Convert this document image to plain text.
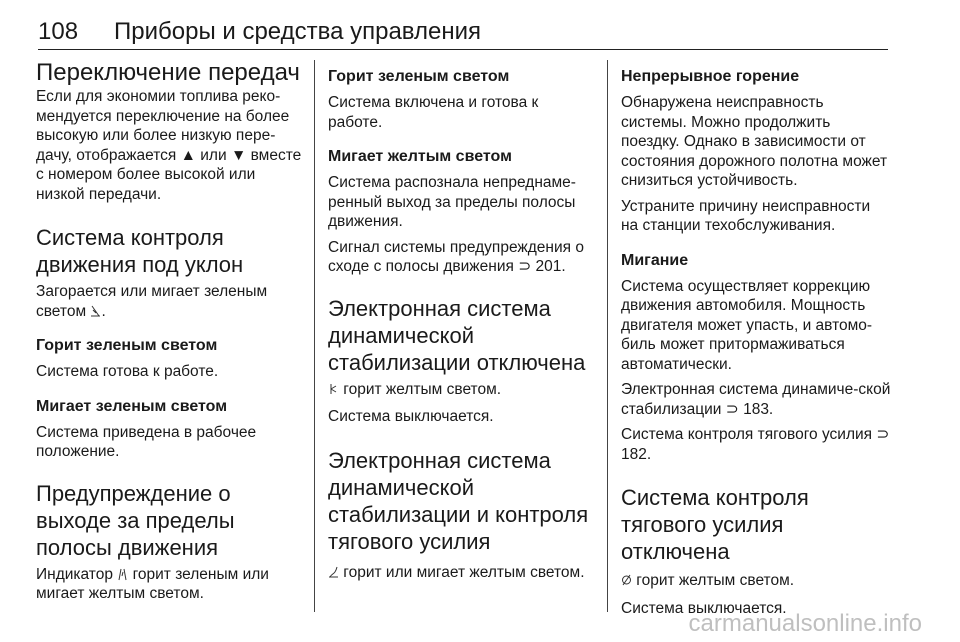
108 Приборы и средства управления
Переключение передач

Если для экономии топлива реко-мендуется переключение на более высокую или более низкую пере-дачу, отображается ▲ или ▼ вместе с номером более высокой или низкой передачи.

Система контроля движения под уклон

Загорается или мигает зеленым светом .

Горит зеленым светом

Система готова к работе.

Мигает зеленым светом

Система приведена в рабочее положение.

Предупреждение о выходе за пределы полосы движения

Индикатор  горит зеленым или мигает желтым светом.

Горит зеленым светом

Система включена и готова к работе.

Мигает желтым светом

Система распознала непреднаме-ренный выход за пределы полосы движения.

Сигнал системы предупреждения о сходе с полосы движения ⊃ 201.

Электронная система динамической стабилизации отключена

горит желтым светом.

Система выключается.

Электронная система динамической стабилизации и контроля тягового усилия

горит или мигает желтым светом.

Непрерывное горение

Обнаружена неисправность системы. Можно продолжить поездку. Однако в зависимости от состояния дорожного полотна может снизиться устойчивость.

Устраните причину неисправности на станции техобслуживания.

Мигание

Система осуществляет коррекцию движения автомобиля. Мощность двигателя может упасть, и автомо-биль может притормаживаться автоматически.

Электронная система динамиче-ской стабилизации ⊃ 183.

Система контроля тягового усилия ⊃ 182.

Система контроля тягового усилия отключена

горит желтым светом.

Система выключается.

carmanualsonline.info
